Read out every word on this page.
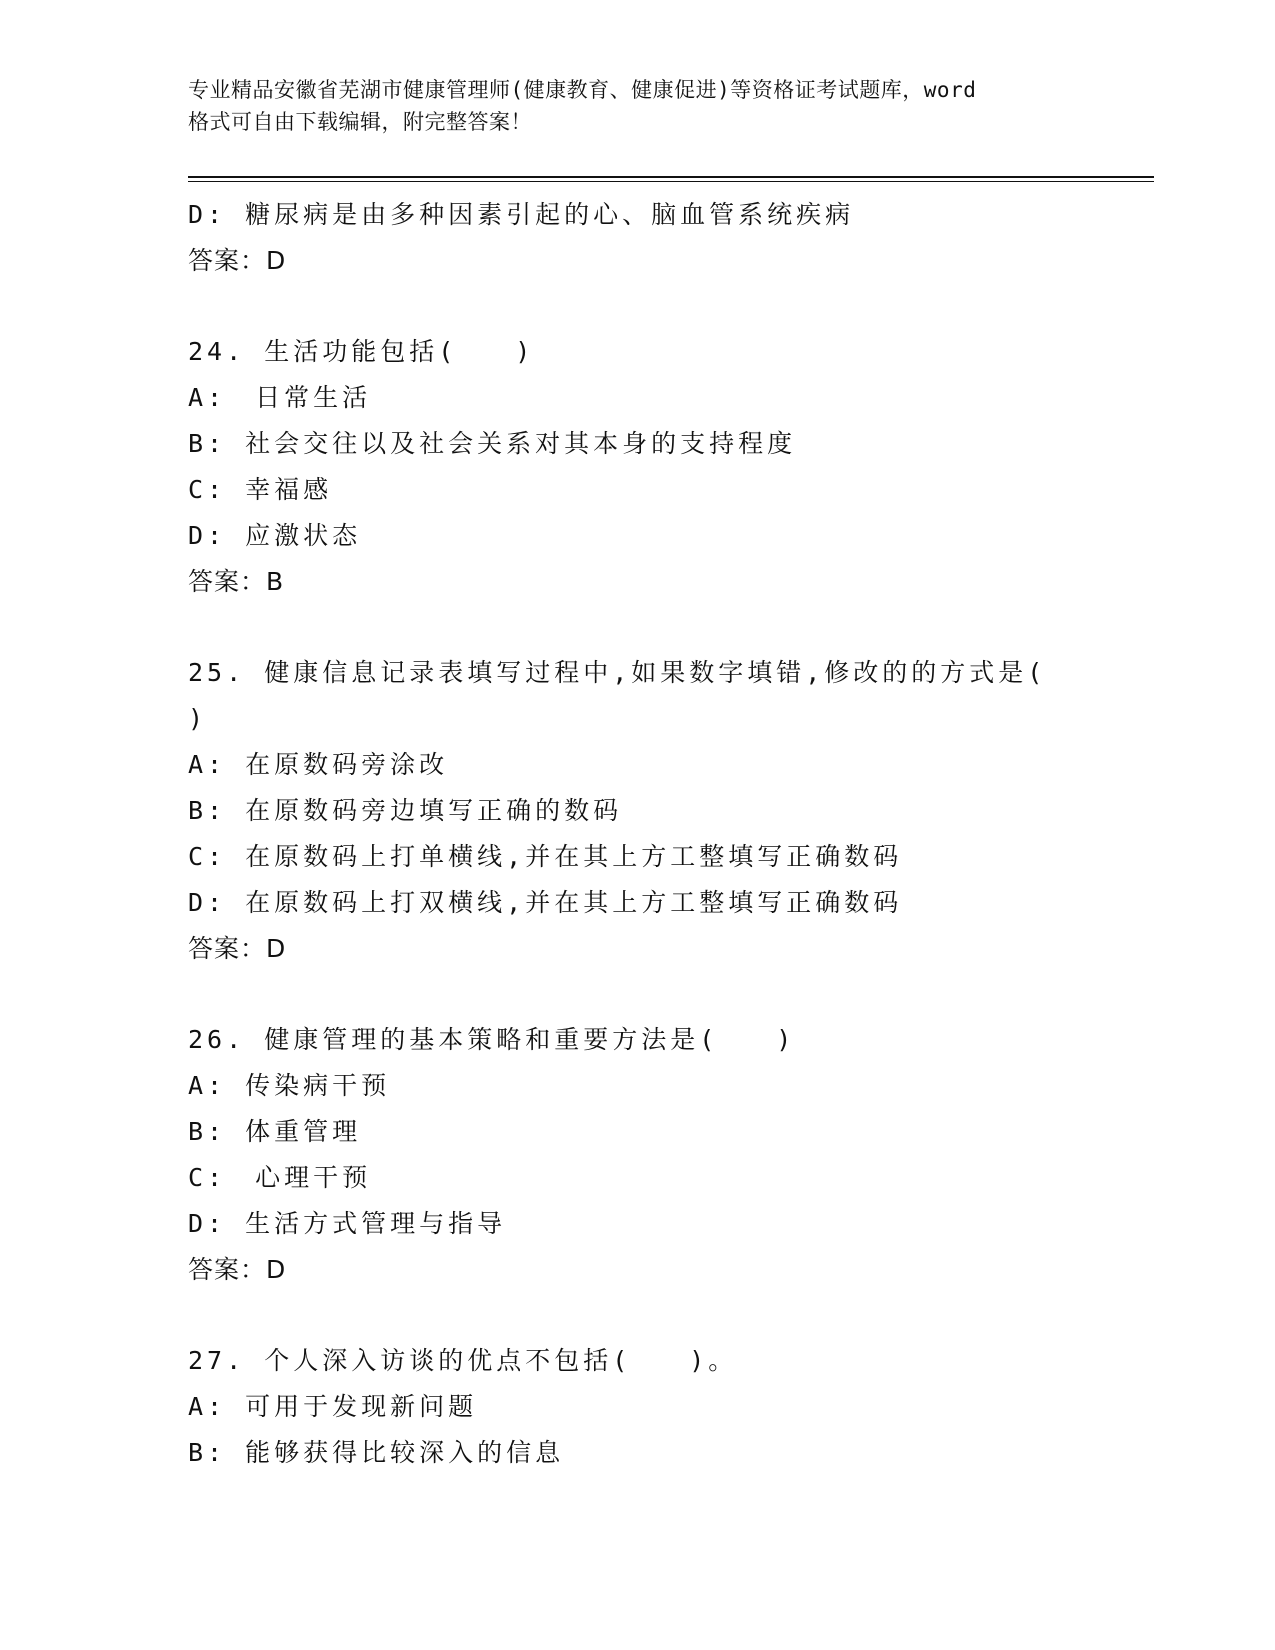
专业精品安徽省芜湖市健康管理师(健康教育、健康促进)等资格证考试题库，word
格式可自由下载编辑，附完整答案！
D: 糖尿病是由多种因素引起的心、脑血管系统疾病
答案：D
24. 生活功能包括(　　)
A:　日常生活
B: 社会交往以及社会关系对其本身的支持程度
C: 幸福感
D: 应激状态
答案：B
25. 健康信息记录表填写过程中,如果数字填错,修改的的方式是(
)
A: 在原数码旁涂改
B: 在原数码旁边填写正确的数码
C: 在原数码上打单横线,并在其上方工整填写正确数码
D: 在原数码上打双横线,并在其上方工整填写正确数码
答案：D
26. 健康管理的基本策略和重要方法是(　　)
A: 传染病干预
B: 体重管理
C:　心理干预
D: 生活方式管理与指导
答案：D
27. 个人深入访谈的优点不包括(　　)。
A: 可用于发现新问题
B: 能够获得比较深入的信息
